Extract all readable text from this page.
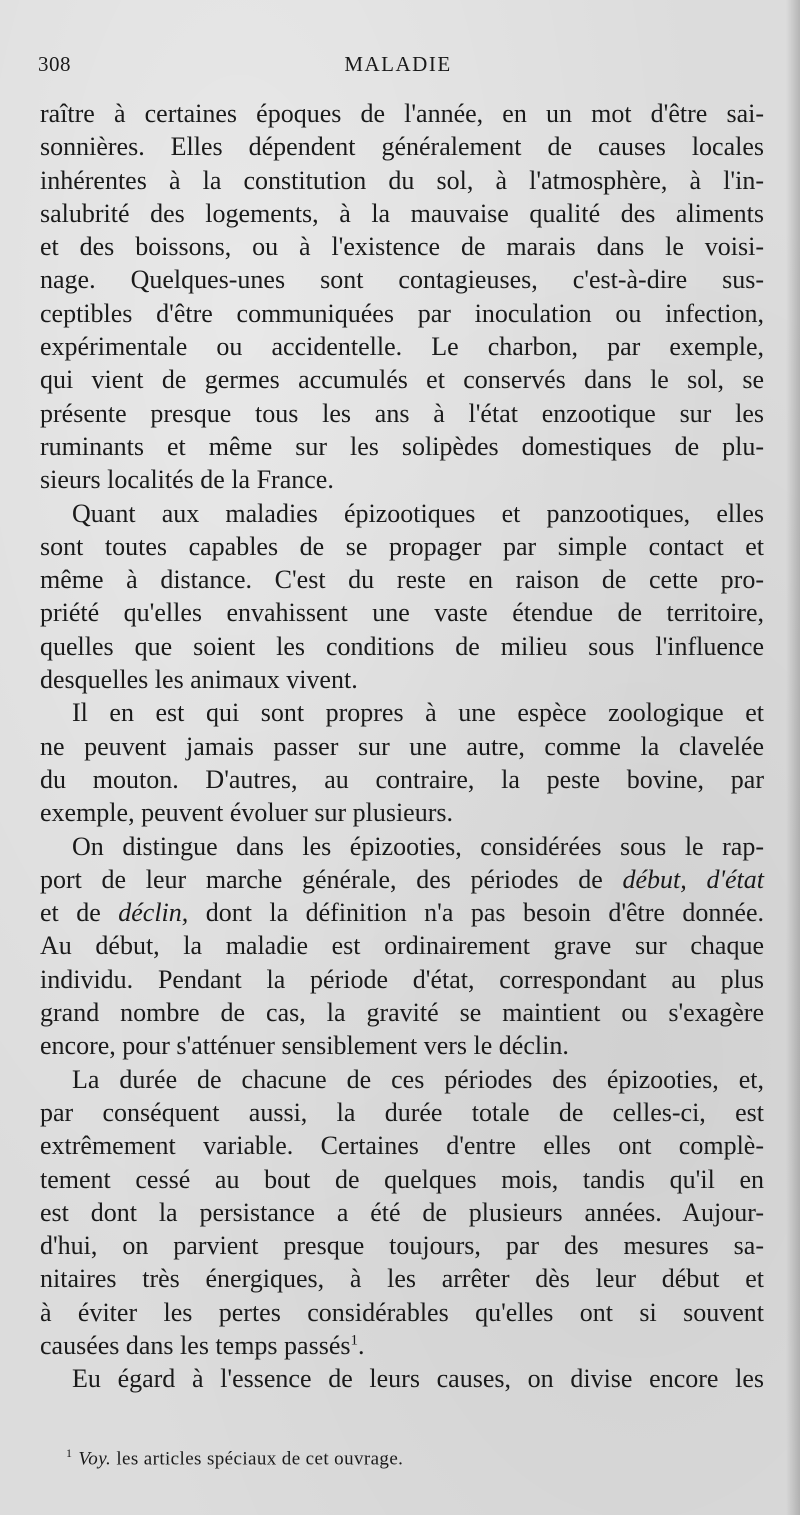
308	MALADIE
raître à certaines époques de l'année, en un mot d'être sai-
sonnières. Elles dépendent généralement de causes locales
inhérentes à la constitution du sol, à l'atmosphère, à l'in-
salubrité des logements, à la mauvaise qualité des aliments
et des boissons, ou à l'existence de marais dans le voisi-
nage. Quelques-unes sont contagieuses, c'est-à-dire sus-
ceptibles d'être communiquées par inoculation ou infection,
expérimentale ou accidentelle. Le charbon, par exemple,
qui vient de germes accumulés et conservés dans le sol, se
présente presque tous les ans à l'état enzootique sur les
ruminants et même sur les solipèdes domestiques de plu-
sieurs localités de la France.
Quant aux maladies épizootiques et panzootiques, elles
sont toutes capables de se propager par simple contact et
même à distance. C'est du reste en raison de cette pro-
priété qu'elles envahissent une vaste étendue de territoire,
quelles que soient les conditions de milieu sous l'influence
desquelles les animaux vivent.
Il en est qui sont propres à une espèce zoologique et
ne peuvent jamais passer sur une autre, comme la clavelée
du mouton. D'autres, au contraire, la peste bovine, par
exemple, peuvent évoluer sur plusieurs.
On distingue dans les épizooties, considérées sous le rap-
port de leur marche générale, des périodes de début, d'état
et de déclin, dont la définition n'a pas besoin d'être donnée.
Au début, la maladie est ordinairement grave sur chaque
individu. Pendant la période d'état, correspondant au plus
grand nombre de cas, la gravité se maintient ou s'exagère
encore, pour s'atténuer sensiblement vers le déclin.
La durée de chacune de ces périodes des épizooties, et,
par conséquent aussi, la durée totale de celles-ci, est
extrêmement variable. Certaines d'entre elles ont complè-
tement cessé au bout de quelques mois, tandis qu'il en
est dont la persistance a été de plusieurs années. Aujour-
d'hui, on parvient presque toujours, par des mesures sa-
nitaires très énergiques, à les arrêter dès leur début et
à éviter les pertes considérables qu'elles ont si souvent
causées dans les temps passés$^1$.
Eu égard à l'essence de leurs causes, on divise encore les
$^1$ Voy. les articles spéciaux de cet ouvrage.
